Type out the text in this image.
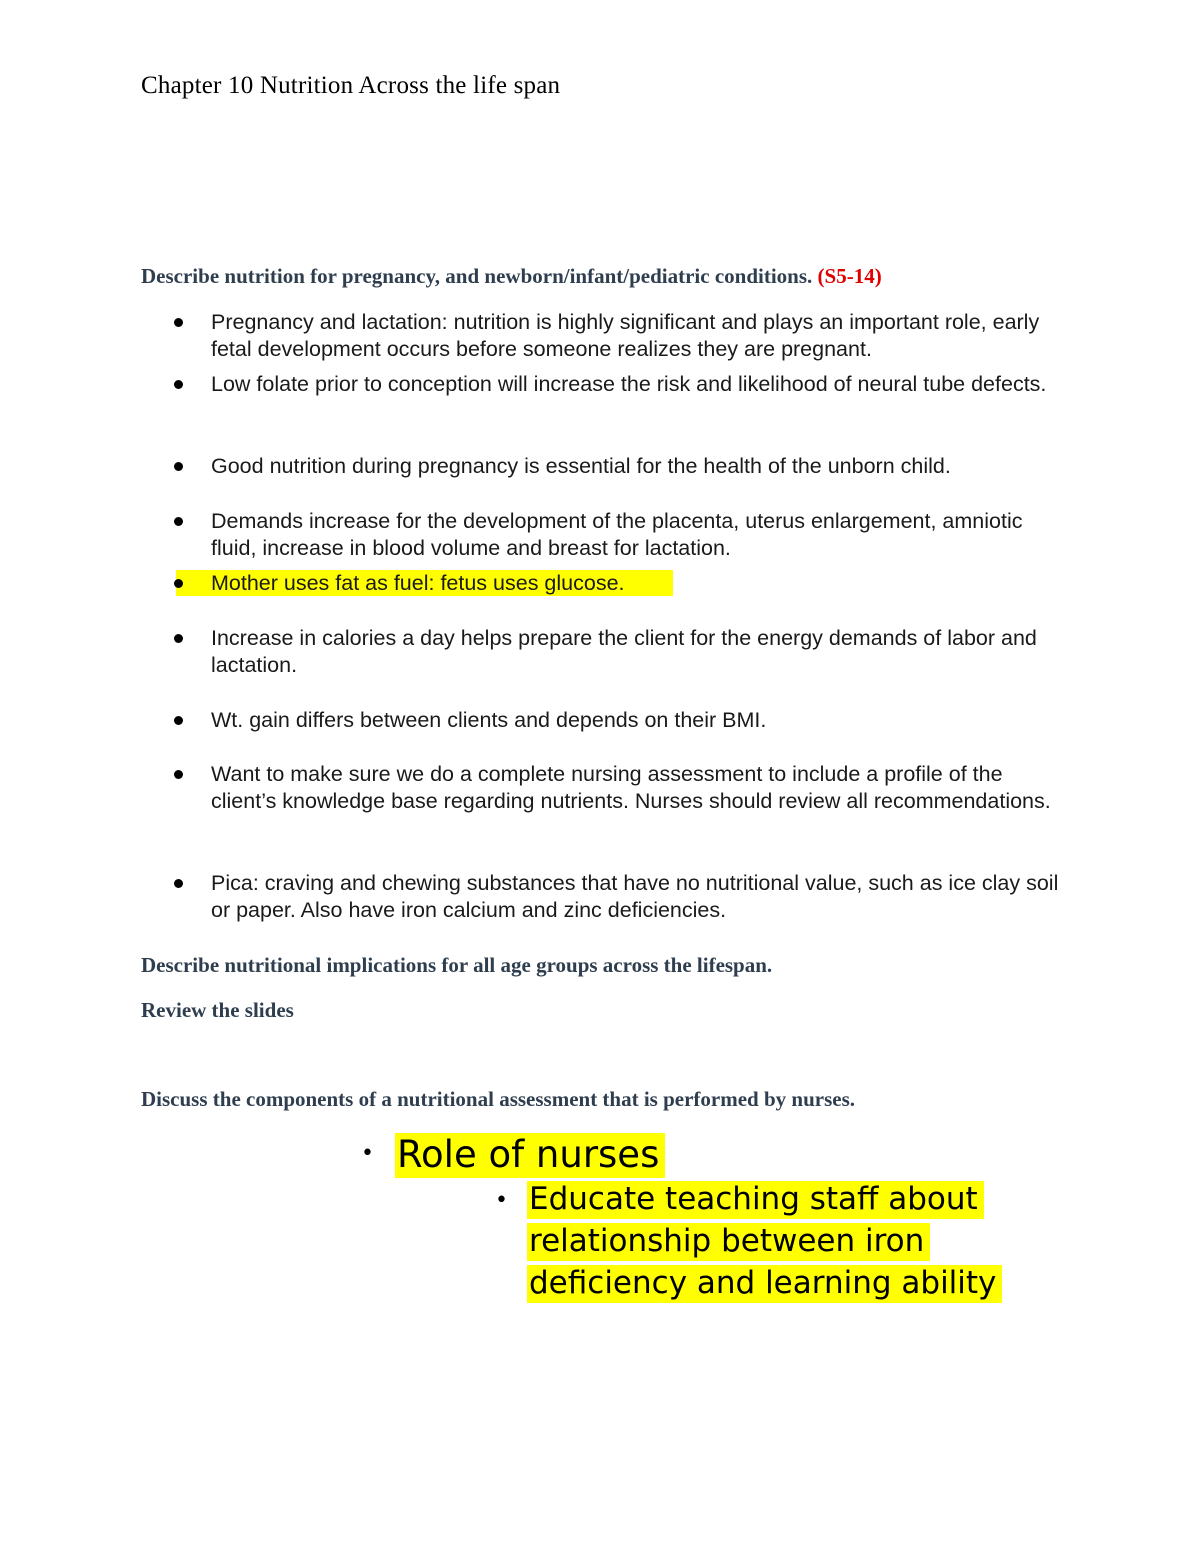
Chapter 10 Nutrition Across the life span
Describe nutrition for pregnancy, and newborn/infant/pediatric conditions. (S5-14)
Pregnancy and lactation: nutrition is highly significant and plays an important role, early fetal development occurs before someone realizes they are pregnant.
Low folate prior to conception will increase the risk and likelihood of neural tube defects.
Good nutrition during pregnancy is essential for the health of the unborn child.
Demands increase for the development of the placenta, uterus enlargement, amniotic fluid, increase in blood volume and breast for lactation.
Mother uses fat as fuel: fetus uses glucose.
Increase in calories a day helps prepare the client for the energy demands of labor and lactation.
Wt. gain differs between clients and depends on their BMI.
Want to make sure we do a complete nursing assessment to include a profile of the client’s knowledge base regarding nutrients. Nurses should review all recommendations.
Pica: craving and chewing substances that have no nutritional value, such as ice clay soil or paper. Also have iron calcium and zinc deficiencies.
Describe nutritional implications for all age groups across the lifespan.
Review the slides
Discuss the components of a nutritional assessment that is performed by nurses.
• Role of nurses
• Educate teaching staff about
relationship between iron
deficiency and learning ability
